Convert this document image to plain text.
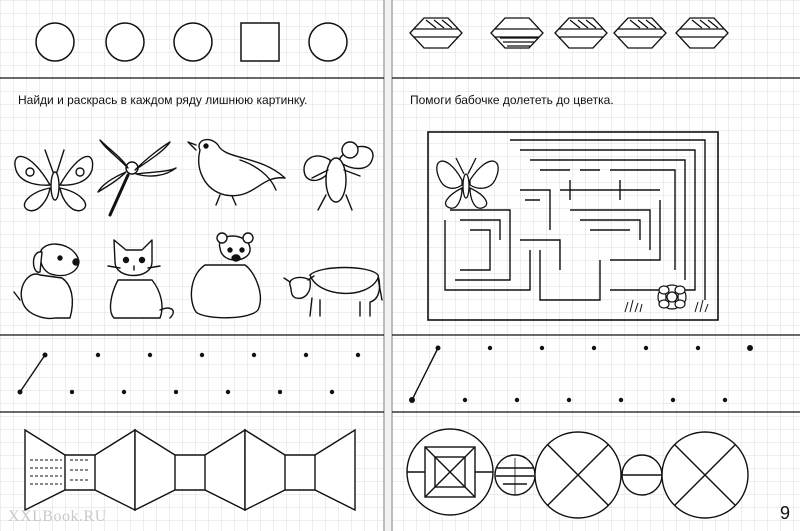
Найди и раскрась в каждом ряду лишнюю картинку.	Помоги бабочке долететь до цветка.
9
XXLBook.RU
